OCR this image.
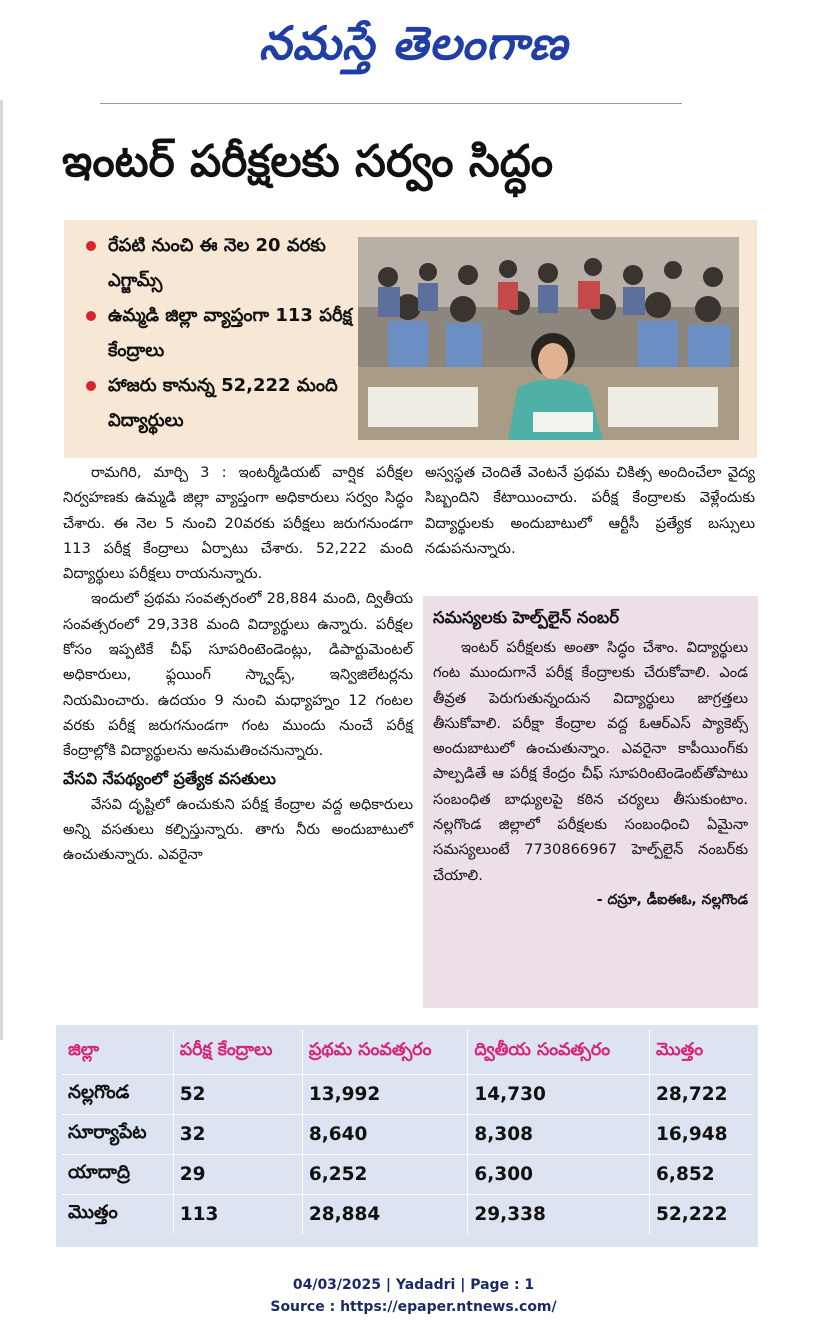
నమస్తే తెలంగాణ
ఇంటర్ పరీక్షలకు సర్వం సిద్ధం
రేపటి నుంచి ఈ నెల 20 వరకు ఎగ్జామ్స్
ఉమ్మడి జిల్లా వ్యాప్తంగా 113 పరీక్ష కేంద్రాలు
హాజరు కానున్న 52,222 మంది విద్యార్థులు

రామగిరి, మార్చి 3 : ఇంటర్మీడియట్ వార్షిక పరీక్షల నిర్వహణకు ఉమ్మడి జిల్లా వ్యాప్తంగా అధికారులు సర్వం సిద్ధం చేశారు. ఈ నెల 5 నుంచి 20వరకు పరీక్షలు జరుగనుండగా 113 పరీక్ష కేంద్రాలు ఏర్పాటు చేశారు. 52,222 మంది విద్యార్థులు పరీక్షలు రాయనున్నారు.

ఇందులో ప్రథమ సంవత్సరంలో 28,884 మంది, ద్వితీయ సంవత్సరంలో 29,338 మంది విద్యార్థులు ఉన్నారు. పరీక్షల కోసం ఇప్పటికే చీఫ్ సూపరింటెండెంట్లు, డిపార్టుమెంటల్ అధికారులు, ఫ్లయింగ్ స్క్వాడ్స్, ఇన్విజిలేటర్లను నియమించారు. ఉదయం 9 నుంచి మధ్యాహ్నం 12 గంటల వరకు పరీక్ష జరుగనుండగా గంట ముందు నుంచే పరీక్ష కేంద్రాల్లోకి విద్యార్థులను అనుమతించనున్నారు.

వేసవి నేపథ్యంలో ప్రత్యేక వసతులు

వేసవి దృష్టిలో ఉంచుకుని పరీక్ష కేంద్రాల వద్ద అధికారులు అన్ని వసతులు కల్పిస్తున్నారు. తాగు నీరు అందుబాటులో ఉంచుతున్నారు. ఎవరైనా

అస్వస్థత చెందితే వెంటనే ప్రథమ చికిత్స అందించేలా వైద్య సిబ్బందిని కేటాయించారు. పరీక్ష కేంద్రాలకు వెళ్లేందుకు విద్యార్థులకు అందుబాటులో ఆర్టీసీ ప్రత్యేక బస్సులు నడుపనున్నారు.

సమస్యలకు హెల్ప్‌లైన్ నంబర్

ఇంటర్ పరీక్షలకు అంతా సిద్ధం చేశాం. విద్యార్థులు గంట ముందుగానే పరీక్ష కేంద్రాలకు చేరుకోవాలి. ఎండ తీవ్రత పెరుగుతున్నందున విద్యార్థులు జాగ్రత్తలు తీసుకోవాలి. పరీక్షా కేంద్రాల వద్ద ఓఆర్ఎస్ ప్యాకెట్స్ అందుబాటులో ఉంచుతున్నాం. ఎవరైనా కాపీయింగ్‌కు పాల్పడితే ఆ పరీక్ష కేంద్రం చీఫ్ సూపరింటెండెంట్‌తోపాటు సంబంధిత బాధ్యులపై కఠిన చర్యలు తీసుకుంటాం. నల్లగొండ జిల్లాలో పరీక్షలకు సంబంధించి ఏమైనా సమస్యలుంటే 7730866967 హెల్ప్‌లైన్ నంబర్‌కు చేయాలి.

- దస్రూ, డీఐఈఓ, నల్లగొండ

జిల్లా	పరీక్ష కేంద్రాలు	ప్రథమ సంవత్సరం	ద్వితీయ సంవత్సరం	మొత్తం
నల్లగొండ	52	13,992	14,730	28,722
సూర్యాపేట	32	8,640	8,308	16,948
యాదాద్రి	29	6,252	6,300	6,852
మొత్తం	113	28,884	29,338	52,222
04/03/2025 | Yadadri | Page : 1
Source : https://epaper.ntnews.com/
